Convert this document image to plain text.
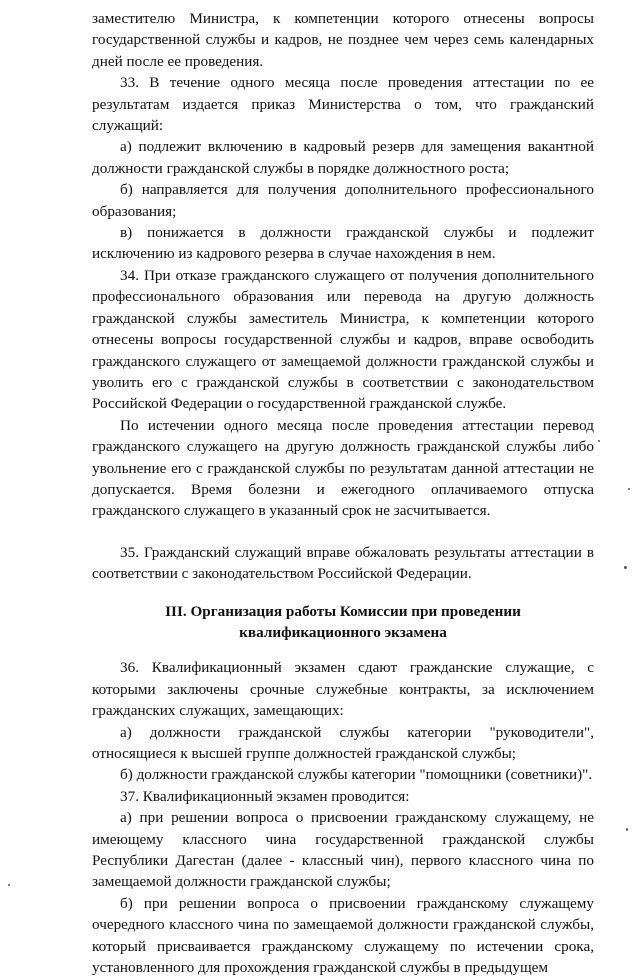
заместителю Министра, к компетенции которого отнесены вопросы государственной службы и кадров, не позднее чем через семь календарных дней после ее проведения.

33. В течение одного месяца после проведения аттестации по ее результатам издается приказ Министерства о том, что гражданский служащий:

а) подлежит включению в кадровый резерв для замещения вакантной должности гражданской службы в порядке должностного роста;

б) направляется для получения дополнительного профессионального образования;

в) понижается в должности гражданской службы и подлежит исключению из кадрового резерва в случае нахождения в нем.

34. При отказе гражданского служащего от получения дополнительного профессионального образования или перевода на другую должность гражданской службы заместитель Министра, к компетенции которого отнесены вопросы государственной службы и кадров, вправе освободить гражданского служащего от замещаемой должности гражданской службы и уволить его с гражданской службы в соответствии с законодательством Российской Федерации о государственной гражданской службе.

По истечении одного месяца после проведения аттестации перевод гражданского служащего на другую должность гражданской службы либо увольнение его с гражданской службы по результатам данной аттестации не допускается. Время болезни и ежегодного оплачиваемого отпуска гражданского служащего в указанный срок не засчитывается.

35. Гражданский служащий вправе обжаловать результаты аттестации в соответствии с законодательством Российской Федерации.

III. Организация работы Комиссии при проведении
квалификационного экзамена

36. Квалификационный экзамен сдают гражданские служащие, с которыми заключены срочные служебные контракты, за исключением гражданских служащих, замещающих:

а) должности гражданской службы категории "руководители", относящиеся к высшей группе должностей гражданской службы;

б) должности гражданской службы категории "помощники (советники)".

37. Квалификационный экзамен проводится:

а) при решении вопроса о присвоении гражданскому служащему, не имеющему классного чина государственной гражданской службы Республики Дагестан (далее - классный чин), первого классного чина по замещаемой должности гражданской службы;

б) при решении вопроса о присвоении гражданскому служащему очередного классного чина по замещаемой должности гражданской службы, который присваивается гражданскому служащему по истечении срока, установленного для прохождения гражданской службы в предыдущем
